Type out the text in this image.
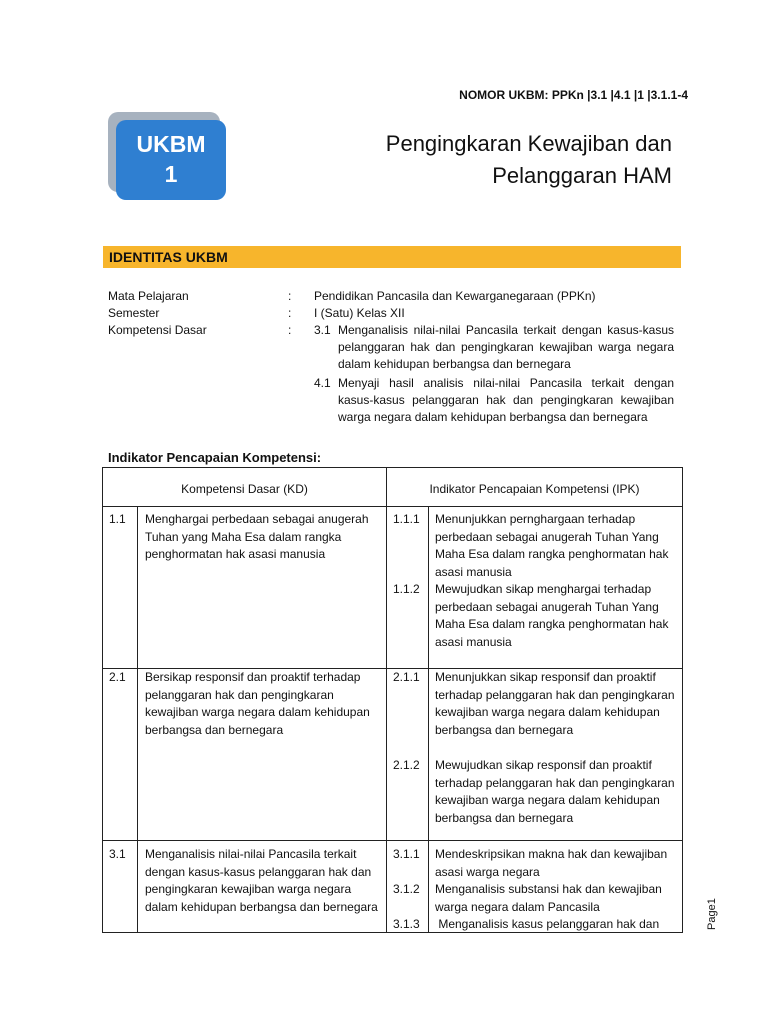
NOMOR UKBM: PPKn |3.1 |4.1 |1 |3.1.1-4
UKBM
1
Pengingkaran Kewajiban dan
Pelanggaran HAM
IDENTITAS UKBM
Mata Pelajaran	: Pendidikan Pancasila dan Kewarganegaraan (PPKn)
Semester	: I (Satu) Kelas XII
Kompetensi Dasar	: 3.1 Menganalisis nilai-nilai Pancasila terkait dengan kasus-kasus pelanggaran hak dan pengingkaran kewajiban warga negara dalam kehidupan berbangsa dan bernegara
4.1 Menyaji hasil analisis nilai-nilai Pancasila terkait dengan kasus-kasus pelanggaran hak dan pengingkaran kewajiban warga negara dalam kehidupan berbangsa dan bernegara
Indikator Pencapaian Kompetensi:
Kompetensi Dasar (KD)	Indikator Pencapaian Kompetensi (IPK)
1.1 Menghargai perbedaan sebagai anugerah Tuhan yang Maha Esa dalam rangka penghormatan hak asasi manusia
1.1.1 Menunjukkan pernghargaan terhadap perbedaan sebagai anugerah Tuhan Yang Maha Esa dalam rangka penghormatan hak asasi manusia
1.1.2 Mewujudkan sikap menghargai terhadap perbedaan sebagai anugerah Tuhan Yang Maha Esa dalam rangka penghormatan hak asasi manusia
2.1 Bersikap responsif dan proaktif terhadap pelanggaran hak dan pengingkaran kewajiban warga negara dalam kehidupan berbangsa dan bernegara
2.1.1 Menunjukkan sikap responsif dan proaktif terhadap pelanggaran hak dan pengingkaran kewajiban warga negara dalam kehidupan berbangsa dan bernegara
2.1.2 Mewujudkan sikap responsif dan proaktif terhadap pelanggaran hak dan pengingkaran kewajiban warga negara dalam kehidupan berbangsa dan bernegara
3.1 Menganalisis nilai-nilai Pancasila terkait dengan kasus-kasus pelanggaran hak dan pengingkaran kewajiban warga negara dalam kehidupan berbangsa dan bernegara
3.1.1 Mendeskripsikan makna hak dan kewajiban asasi warga negara
3.1.2 Menganalisis substansi hak dan kewajiban warga negara dalam Pancasila
3.1.3 Menganalisis kasus pelanggaran hak dan	Page1
